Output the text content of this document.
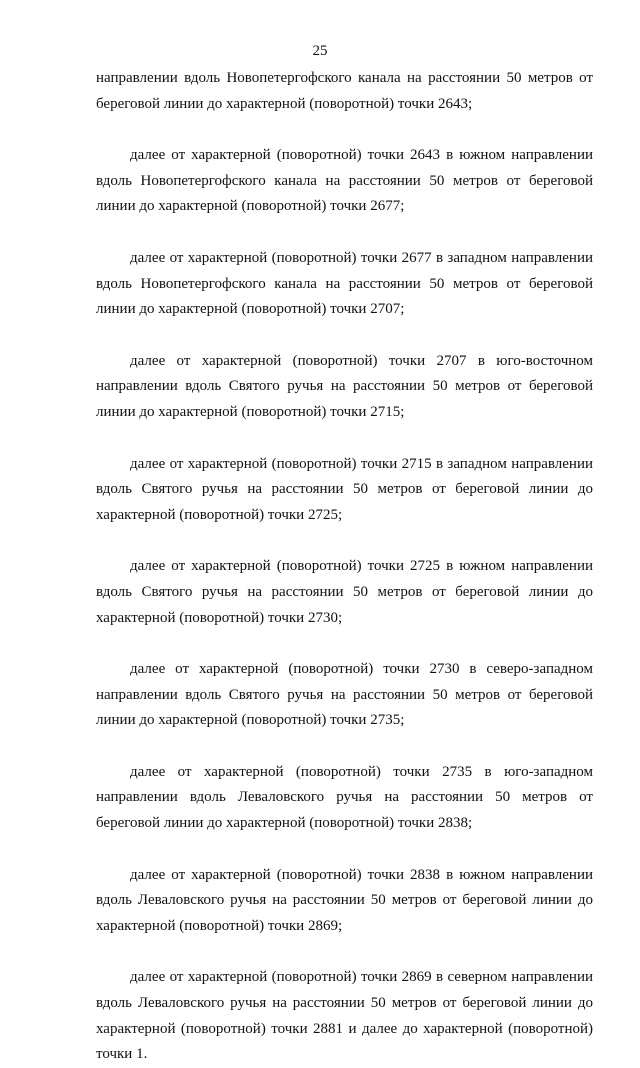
25

направлении вдоль Новопетергофского канала на расстоянии 50 метров от береговой линии до характерной (поворотной) точки 2643;

далее от характерной (поворотной) точки 2643 в южном направлении вдоль Новопетергофского канала на расстоянии 50 метров от береговой линии до характерной (поворотной) точки 2677;

далее от характерной (поворотной) точки 2677 в западном направлении вдоль Новопетергофского канала на расстоянии 50 метров от береговой линии до характерной (поворотной) точки 2707;

далее от характерной (поворотной) точки 2707 в юго-восточном направлении вдоль Святого ручья на расстоянии 50 метров от береговой линии до характерной (поворотной) точки 2715;

далее от характерной (поворотной) точки 2715 в западном направлении вдоль Святого ручья на расстоянии 50 метров от береговой линии до характерной (поворотной) точки 2725;

далее от характерной (поворотной) точки 2725 в южном направлении вдоль Святого ручья на расстоянии 50 метров от береговой линии до характерной (поворотной) точки 2730;

далее от характерной (поворотной) точки 2730 в северо-западном направлении вдоль Святого ручья на расстоянии 50 метров от береговой линии до характерной (поворотной) точки 2735;

далее от характерной (поворотной) точки 2735 в юго-западном направлении вдоль Леваловского ручья на расстоянии 50 метров от береговой линии до характерной (поворотной) точки 2838;

далее от характерной (поворотной) точки 2838 в южном направлении вдоль Леваловского ручья на расстоянии 50 метров от береговой линии до характерной (поворотной) точки 2869;

далее от характерной (поворотной) точки 2869 в северном направлении вдоль Леваловского ручья на расстоянии 50 метров от береговой линии до характерной (поворотной) точки 2881 и далее до характерной (поворотной) точки 1.
